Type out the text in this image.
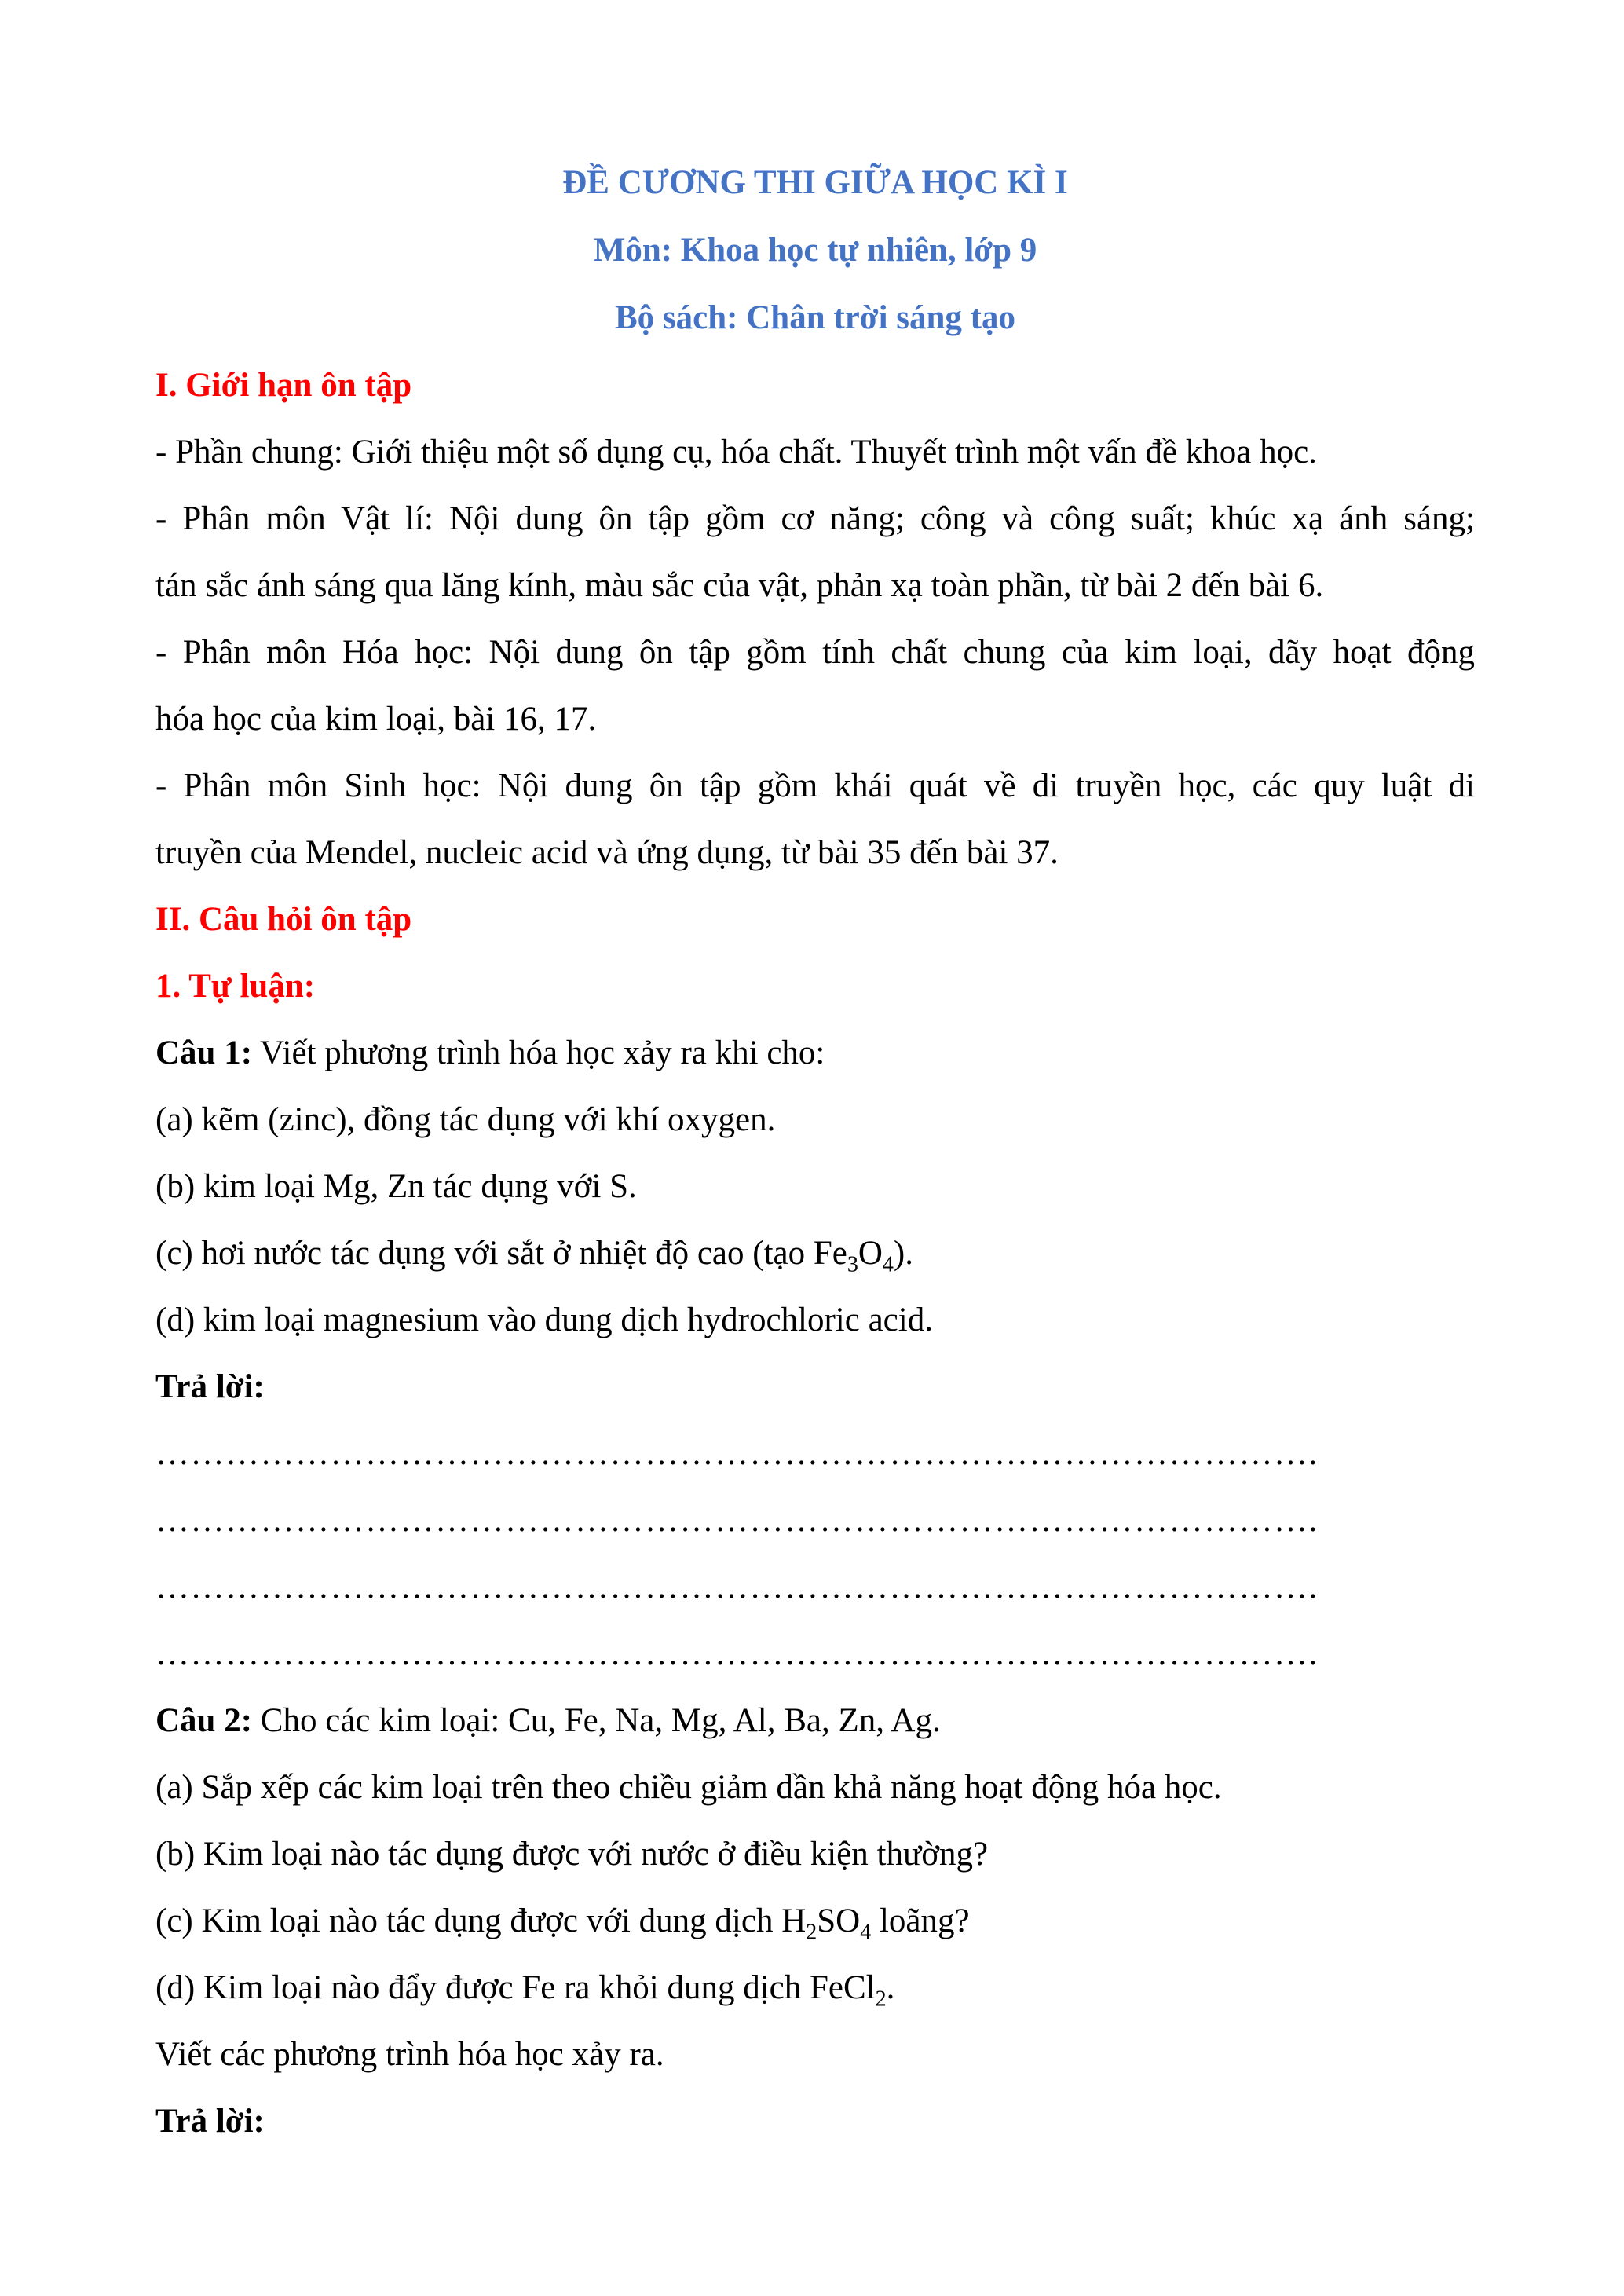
ĐỀ CƯƠNG THI GIỮA HỌC KÌ I

Môn: Khoa học tự nhiên, lớp 9

Bộ sách: Chân trời sáng tạo

I. Giới hạn ôn tập

- Phần chung: Giới thiệu một số dụng cụ, hóa chất. Thuyết trình một vấn đề khoa học.

- Phân môn Vật lí: Nội dung ôn tập gồm cơ năng; công và công suất; khúc xạ ánh sáng;

tán sắc ánh sáng qua lăng kính, màu sắc của vật, phản xạ toàn phần, từ bài 2 đến bài 6.

- Phân môn Hóa học: Nội dung ôn tập gồm tính chất chung của kim loại, dãy hoạt động

hóa học của kim loại, bài 16, 17.

- Phân môn Sinh học: Nội dung ôn tập gồm khái quát về di truyền học, các quy luật di

truyền của Mendel, nucleic acid và ứng dụng, từ bài 35 đến bài 37.

II. Câu hỏi ôn tập

1. Tự luận:

Câu 1: Viết phương trình hóa học xảy ra khi cho:

(a) kẽm (zinc), đồng tác dụng với khí oxygen.

(b) kim loại Mg, Zn tác dụng với S.

(c) hơi nước tác dụng với sắt ở nhiệt độ cao (tạo $Fe_3O_4$).

(d) kim loại magnesium vào dung dịch hydrochloric acid.

Trả lời:

……………………………………………………………………………………….

……………………………………………………………………………………….

……………………………………………………………………………………….

……………………………………………………………………………………….

Câu 2: Cho các kim loại: Cu, Fe, Na, Mg, Al, Ba, Zn, Ag.

(a) Sắp xếp các kim loại trên theo chiều giảm dần khả năng hoạt động hóa học.

(b) Kim loại nào tác dụng được với nước ở điều kiện thường?

(c) Kim loại nào tác dụng được với dung dịch $H_2SO_4$ loãng?

(d) Kim loại nào đẩy được Fe ra khỏi dung dịch FeCl$_2$.

Viết các phương trình hóa học xảy ra.

Trả lời:
